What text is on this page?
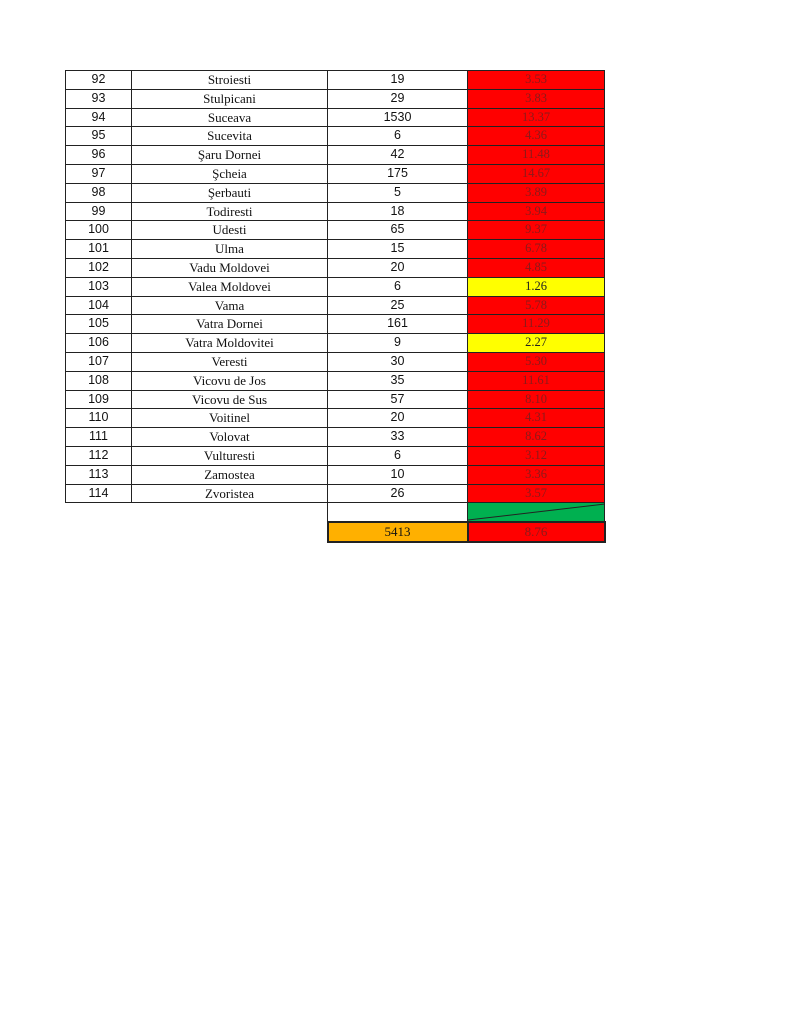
92	Stroiesti	19	3.53
93	Stulpicani	29	3.83
94	Suceava	1530	13.37
95	Sucevita	6	4.36
96	Şaru Dornei	42	11.48
97	Şcheia	175	14.67
98	Şerbauti	5	3.89
99	Todiresti	18	3.94
100	Udesti	65	9.37
101	Ulma	15	6.78
102	Vadu Moldovei	20	4.85
103	Valea Moldovei	6	1.26
104	Vama	25	5.78
105	Vatra Dornei	161	11.29
106	Vatra Moldovitei	9	2.27
107	Veresti	30	5.30
108	Vicovu de Jos	35	11.61
109	Vicovu de Sus	57	8.10
110	Voitinel	20	4.31
111	Volovat	33	8.62
112	Vulturesti	6	3.12
113	Zamostea	10	3.36
114	Zvoristea	26	3.57

		5413	8.76
